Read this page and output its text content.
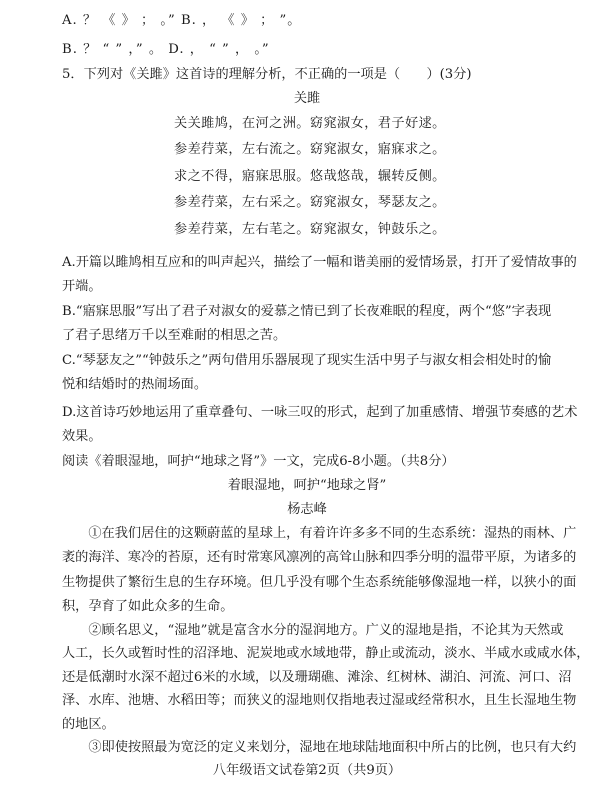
A. ？ 《 》 ； 。” B. ， 《 》 ； ”。
B. ？ “ ” ，” 。 D. ， “ ” ， 。”
5．下列对《关雎》这首诗的理解分析，不正确的一项是（　　）(3分)
关雎
关关雎鸠，在河之洲。窈窕淑女，君子好逑。
参差荇菜，左右流之。窈窕淑女，寤寐求之。
求之不得，寤寐思服。悠哉悠哉，辗转反侧。
参差荇菜，左右采之。窈窕淑女，琴瑟友之。
参差荇菜，左右芼之。窈窕淑女，钟鼓乐之。
A.开篇以雎鸠相互应和的叫声起兴，描绘了一幅和谐美丽的爱情场景，打开了爱情故事的
开端。
B.“寤寐思服”写出了君子对淑女的爱慕之情已到了长夜难眠的程度，两个“悠”字表现
了君子思绪万千以至难耐的相思之苦。
C.“琴瑟友之”“钟鼓乐之”两句借用乐器展现了现实生活中男子与淑女相会相处时的愉
悦和结婚时的热闹场面。
D.这首诗巧妙地运用了重章叠句、一咏三叹的形式，起到了加重感情、增强节奏感的艺术
效果。
阅读《着眼湿地，呵护“地球之肾”》一文，完成6-8小题。（共8分）
着眼湿地，呵护“地球之肾”
杨志峰
　　①在我们居住的这颗蔚蓝的星球上，有着许许多多不同的生态系统：湿热的雨林、广
袤的海洋、寒冷的苔原，还有时常寒风凛冽的高耸山脉和四季分明的温带平原，为诸多的
生物提供了繁衍生息的生存环境。但几乎没有哪个生态系统能够像湿地一样，以狭小的面
积，孕育了如此众多的生命。
　　②顾名思义，“湿地”就是富含水分的湿润地方。广义的湿地是指，不论其为天然或
人工，长久或暂时性的沼泽地、泥炭地或水域地带，静止或流动，淡水、半咸水或咸水体，
还是低潮时水深不超过6米的水域，以及珊瑚礁、滩涂、红树林、湖泊、河流、河口、沼
泽、水库、池塘、水稻田等；而狭义的湿地则仅指地表过湿或经常积水，且生长湿地生物
的地区。
　　③即使按照最为宽泛的定义来划分，湿地在地球陆地面积中所占的比例，也只有大约
八年级语文试卷第2页（共9页）
